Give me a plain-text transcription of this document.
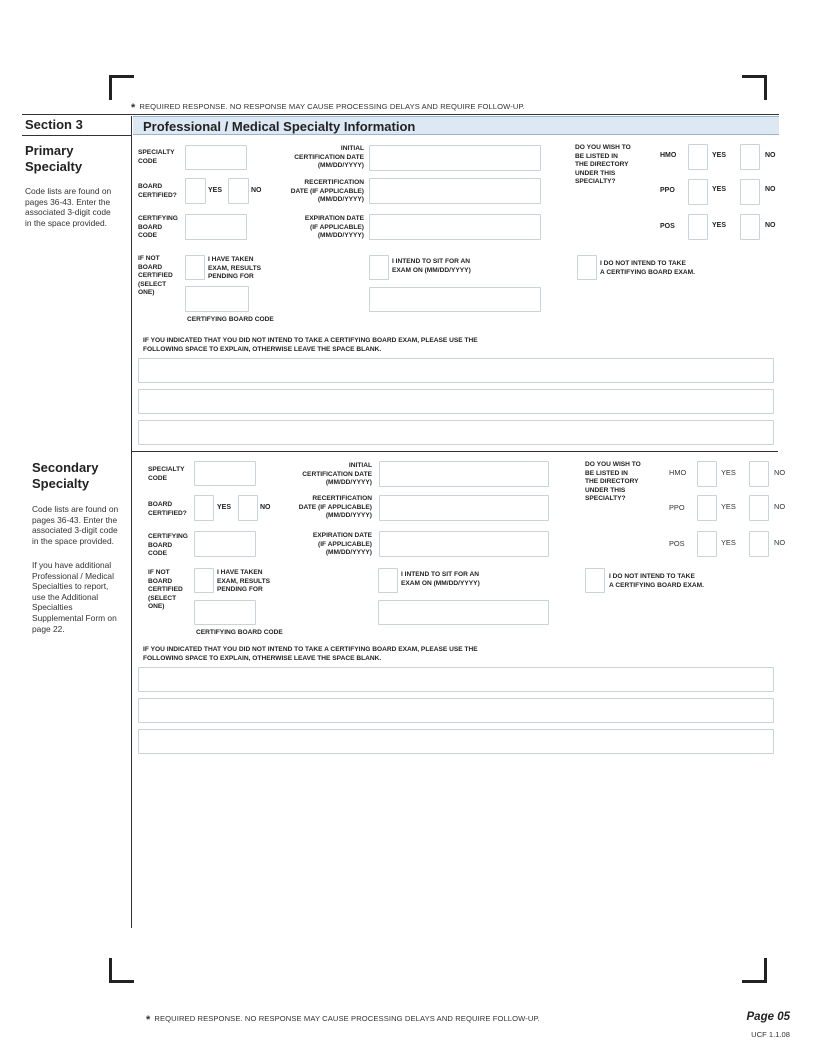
* REQUIRED RESPONSE. NO RESPONSE MAY CAUSE PROCESSING DELAYS AND REQUIRE FOLLOW-UP.
Section 3	Professional / Medical Specialty Information
Primary
Specialty
Code lists are found on
pages 36-43. Enter the
associated 3-digit code
in the space provided.
SPECIALTY
CODE
INITIAL
CERTIFICATION DATE
(MM/DD/YYYY)
BOARD
CERTIFIED?
YES	NO
RECERTIFICATION
DATE (IF APPLICABLE)
(MM/DD/YYYY)
CERTIFYING
BOARD
CODE
EXPIRATION DATE
(IF APPLICABLE)
(MM/DD/YYYY)
DO YOU WISH TO
BE LISTED IN
THE DIRECTORY
UNDER THIS
SPECIALTY?
HMO	YES	NO
PPO	YES	NO
POS	YES	NO
IF NOT
BOARD
CERTIFIED
(SELECT
ONE)
I HAVE TAKEN
EXAM, RESULTS
PENDING FOR
I INTEND TO SIT FOR AN
EXAM ON (MM/DD/YYYY)
I DO NOT INTEND TO TAKE
A CERTIFYING BOARD EXAM.
CERTIFYING BOARD CODE
IF YOU INDICATED THAT YOU DID NOT INTEND TO TAKE A CERTIFYING BOARD EXAM, PLEASE USE THE
FOLLOWING SPACE TO EXPLAIN, OTHERWISE LEAVE THE SPACE BLANK.
Secondary
Specialty
Code lists are found on
pages 36-43. Enter the
associated 3-digit code
in the space provided.
If you have additional
Professional / Medical
Specialties to report,
use the Additional
Specialties
Supplemental Form on
page 22.
SPECIALTY
CODE
INITIAL
CERTIFICATION DATE
(MM/DD/YYYY)
BOARD
CERTIFIED?
YES	NO
RECERTIFICATION
DATE (IF APPLICABLE)
(MM/DD/YYYY)
CERTIFYING
BOARD
CODE
EXPIRATION DATE
(IF APPLICABLE)
(MM/DD/YYYY)
DO YOU WISH TO
BE LISTED IN
THE DIRECTORY
UNDER THIS
SPECIALTY?
HMO	YES	NO
PPO	YES	NO
POS	YES	NO
IF NOT
BOARD
CERTIFIED
(SELECT
ONE)
I HAVE TAKEN
EXAM, RESULTS
PENDING FOR
I INTEND TO SIT FOR AN
EXAM ON (MM/DD/YYYY)
I DO NOT INTEND TO TAKE
A CERTIFYING BOARD EXAM.
CERTIFYING BOARD CODE
IF YOU INDICATED THAT YOU DID NOT INTEND TO TAKE A CERTIFYING BOARD EXAM, PLEASE USE THE
FOLLOWING SPACE TO EXPLAIN, OTHERWISE LEAVE THE SPACE BLANK.
* REQUIRED RESPONSE. NO RESPONSE MAY CAUSE PROCESSING DELAYS AND REQUIRE FOLLOW-UP.	Page 05
UCF 1.1.08
